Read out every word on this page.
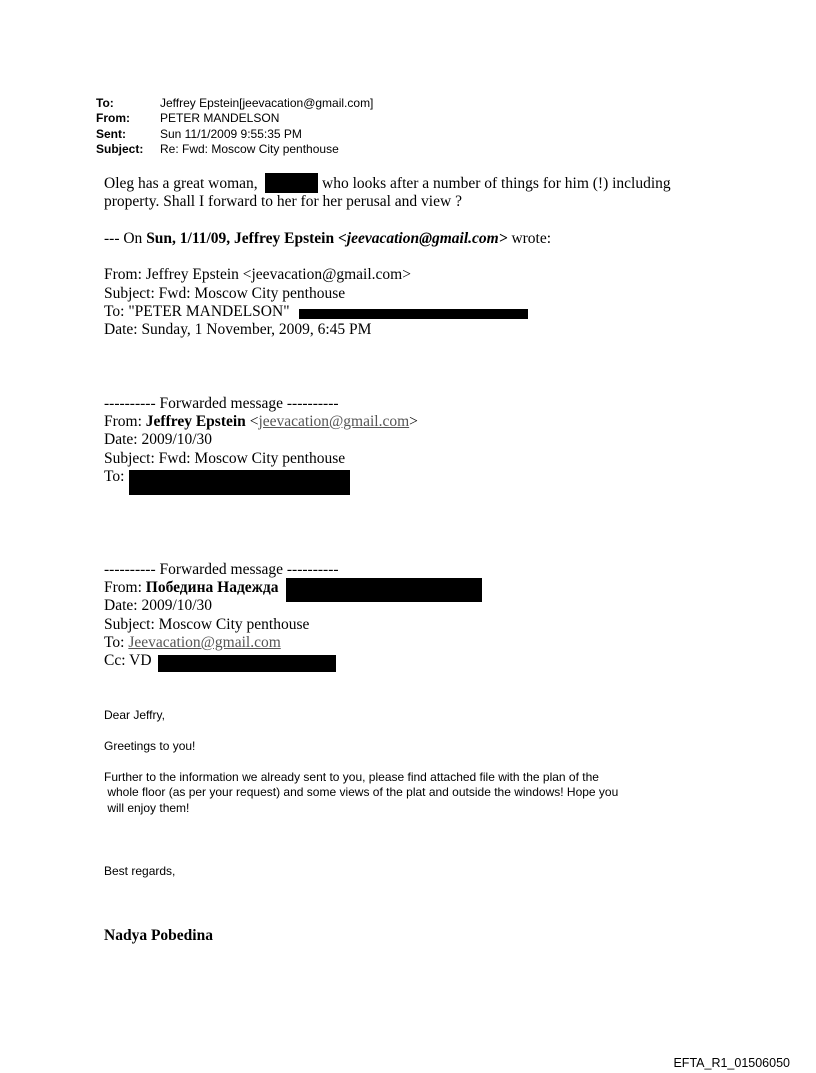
To:	Jeffrey Epstein[jeevacation@gmail.com]
From:	PETER MANDELSON
Sent:	Sun 11/1/2009 9:55:35 PM
Subject: Re: Fwd: Moscow City penthouse
Oleg has a great woman,	who looks after a number of things for him (!) including
property. Shall I forward to her for her perusal and view ?
--- On Sun, 1/11/09, Jeffrey Epstein <jeevacation@gmail.com> wrote:
From: Jeffrey Epstein <jeevacation@gmail.com>
Subject: Fwd: Moscow City penthouse
To: "PETER MANDELSON"
Date: Sunday, 1 November, 2009, 6:45 PM
---------- Forwarded message ----------
From: Jeffrey Epstein <jeevacation@gmail.com>
Date: 2009/10/30
Subject: Fwd: Moscow City penthouse
To:
---------- Forwarded message ----------
From: Победина Надежда
Date: 2009/10/30
Subject: Moscow City penthouse
To: Jeevacation@gmail.com
Cc: VD
Dear Jeffry,
Greetings to you!
Further to the information we already sent to you, please find attached file with the plan of the
whole floor (as per your request) and some views of the plat and outside the windows! Hope you
will enjoy them!
Best regards,
Nadya Pobedina
EFTA_R1_01506050
